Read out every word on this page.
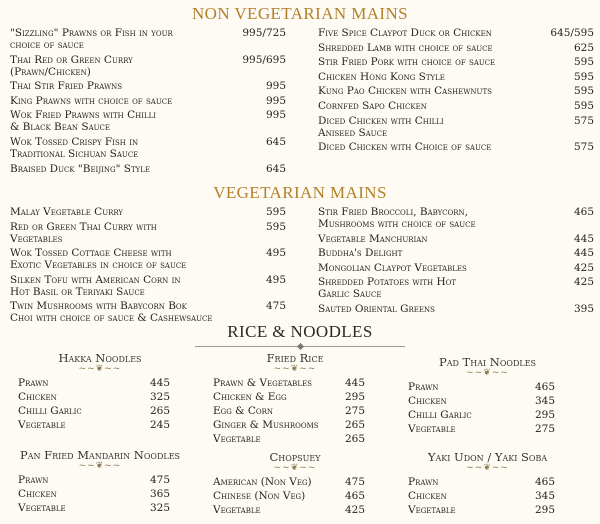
NON VEGETARIAN MAINS
"Sizzling" Prawns or Fish in your
choice of sauce
995/725
Thai Red or Green Curry
(Prawn/Chicken)
995/695
Thai Stir Fried Prawns	995
King Prawns with choice of sauce	995
Wok Fried Prawns with Chilli
& Black Bean Sauce
995
Wok Tossed Crispy Fish in
Traditional Sichuan Sauce
645
Braised Duck "Beijing" Style	645
Five Spice Claypot Duck or Chicken	645/595
Shredded Lamb with choice of sauce	625
Stir Fried Pork with choice of sauce	595
Chicken Hong Kong Style	595
Kung Pao Chicken with Cashewnuts	595
Cornfed Sapo Chicken	595
Diced Chicken with Chilli
Aniseed Sauce
575
Diced Chicken with Choice of sauce	575
VEGETARIAN MAINS
Malay Vegetable Curry	595
Red or Green Thai Curry with
Vegetables
595
Wok Tossed Cottage Cheese with
Exotic Vegetables in choice of sauce
495
Silken Tofu with American Corn in
Hot Basil or Teriyaki Sauce
495
Twin Mushrooms with Babycorn Bok
Choi with choice of sauce & Cashewsauce
475
Stir Fried Broccoli, Babycorn,
Mushrooms with choice of sauce
465
Vegetable Manchurian	445
Buddha's Delight	445
Mongolian Claypot Vegetables	425
Shredded Potatoes with Hot
Garlic Sauce
425
Sauted Oriental Greens	395
RICE & NOODLES
Hakka Noodles
~~❦~~
Prawn	445
Chicken	325
Chilli Garlic	265
Vegetable	245
Fried Rice
~~❦~~
Prawn & Vegetables	445
Chicken & Egg	295
Egg & Corn	275
Ginger & Mushrooms	265
Vegetable	265
Pad Thai Noodles
~~❦~~
Prawn	465
Chicken	345
Chilli Garlic	295
Vegetable	275
Pan Fried Mandarin Noodles
~~❦~~
Prawn	475
Chicken	365
Vegetable	325
Chopsuey
~~❦~~
American (Non Veg)	475
Chinese (Non Veg)	465
Vegetable	425
Yaki Udon / Yaki Soba
~~❦~~
Prawn	465
Chicken	345
Vegetable	295
